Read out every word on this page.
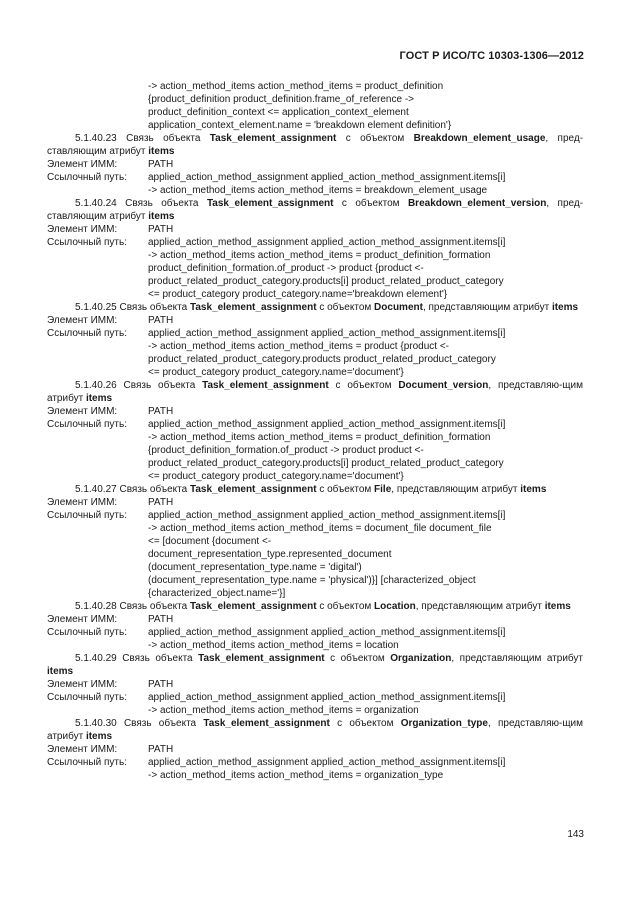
ГОСТ Р ИСО/ТС 10303-1306—2012
-> action_method_items action_method_items = product_definition
{product_definition product_definition.frame_of_reference ->
product_definition_context <= application_context_element
application_context_element.name = 'breakdown element definition'}
5.1.40.23 Связь объекта Task_element_assignment с объектом Breakdown_element_usage, пред-ставляющим атрибут items
Элемент ИММ:	PATH
Ссылочный путь:	applied_action_method_assignment applied_action_method_assignment.items[i]
-> action_method_items action_method_items = breakdown_element_usage
5.1.40.24 Связь объекта Task_element_assignment с объектом Breakdown_element_version, пред-ставляющим атрибут items
Элемент ИММ:	PATH
Ссылочный путь:	applied_action_method_assignment applied_action_method_assignment.items[i]
-> action_method_items action_method_items = product_definition_formation
product_definition_formation.of_product -> product {product <-
product_related_product_category.products[i] product_related_product_category
<= product_category product_category.name='breakdown element'}
5.1.40.25 Связь объекта Task_element_assignment с объектом Document, представляющим атрибут items
Элемент ИММ:	PATH
Ссылочный путь:	applied_action_method_assignment applied_action_method_assignment.items[i]
-> action_method_items action_method_items = product {product <-
product_related_product_category.products product_related_product_category
<= product_category product_category.name='document'}
5.1.40.26 Связь объекта Task_element_assignment с объектом Document_version, представляю-щим атрибут items
Элемент ИММ:	PATH
Ссылочный путь:	applied_action_method_assignment applied_action_method_assignment.items[i]
-> action_method_items action_method_items = product_definition_formation
{product_definition_formation.of_product -> product product <-
product_related_product_category.products[i] product_related_product_category
<= product_category product_category.name='document'}
5.1.40.27 Связь объекта Task_element_assignment с объектом File, представляющим атрибут items
Элемент ИММ:	PATH
Ссылочный путь:	applied_action_method_assignment applied_action_method_assignment.items[i]
-> action_method_items action_method_items = document_file document_file
<= [document {document <-
document_representation_type.represented_document
(document_representation_type.name = 'digital')
(document_representation_type.name = 'physical')}] [characterized_object
{characterized_object.name='}]
5.1.40.28 Связь объекта Task_element_assignment с объектом Location, представляющим атрибут items
Элемент ИММ:	PATH
Ссылочный путь:	applied_action_method_assignment applied_action_method_assignment.items[i]
-> action_method_items action_method_items = location
5.1.40.29 Связь объекта Task_element_assignment с объектом Organization, представляющим атрибут items
Элемент ИММ:	PATH
Ссылочный путь:	applied_action_method_assignment applied_action_method_assignment.items[i]
-> action_method_items action_method_items = organization
5.1.40.30 Связь объекта Task_element_assignment с объектом Organization_type, представляю-щим атрибут items
Элемент ИММ:	PATH
Ссылочный путь:	applied_action_method_assignment applied_action_method_assignment.items[i]
-> action_method_items action_method_items = organization_type
143
